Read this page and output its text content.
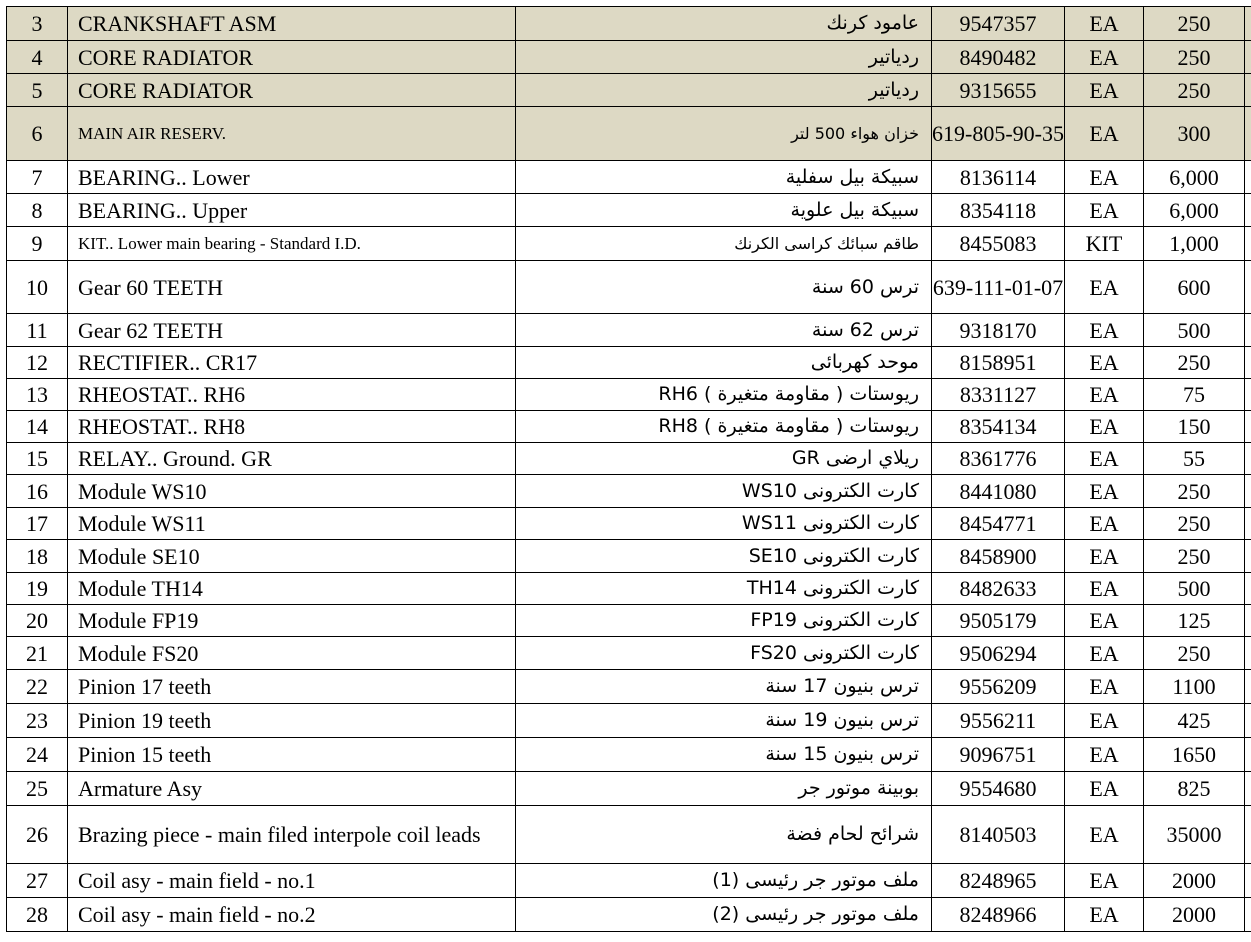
3	CRANKSHAFT ASM	عامود كرنك	9547357	EA	250	
4	CORE RADIATOR	ردياتير	8490482	EA	250	
5	CORE RADIATOR	ردياتير	9315655	EA	250	
6	MAIN AIR RESERV.	خزان هواء 500 لتر	619-805-90-35	EA	300	
7	BEARING.. Lower	سبيكة بيل سفلية	8136114	EA	6,000	
8	BEARING.. Upper	سبيكة بيل علوية	8354118	EA	6,000	
9	KIT.. Lower main bearing - Standard I.D.	طاقم سبائك كراسى الكرنك	8455083	KIT	1,000	
10	Gear 60 TEETH	ترس 60 سنة	639-111-01-07	EA	600	
11	Gear 62 TEETH	ترس 62 سنة	9318170	EA	500	
12	RECTIFIER.. CR17	موحد كهربائى	8158951	EA	250	
13	RHEOSTAT.. RH6	ريوستات ( مقاومة متغيرة ) RH6	8331127	EA	75	
14	RHEOSTAT.. RH8	ريوستات ( مقاومة متغيرة ) RH8	8354134	EA	150	
15	RELAY.. Ground. GR	ريلاي ارضى GR	8361776	EA	55	
16	Module WS10	كارت الكترونى WS10	8441080	EA	250	
17	Module WS11	كارت الكترونى WS11	8454771	EA	250	
18	Module SE10	كارت الكترونى SE10	8458900	EA	250	
19	Module TH14	كارت الكترونى TH14	8482633	EA	500	
20	Module FP19	كارت الكترونى FP19	9505179	EA	125	
21	Module FS20	كارت الكترونى FS20	9506294	EA	250	
22	Pinion 17 teeth	ترس بنيون 17 سنة	9556209	EA	1100	
23	Pinion 19 teeth	ترس بنيون 19 سنة	9556211	EA	425	
24	Pinion 15 teeth	ترس بنيون 15 سنة	9096751	EA	1650	
25	Armature Asy	بوبينة موتور جر	9554680	EA	825	
26	Brazing piece - main filed interpole coil leads	شرائح لحام فضة	8140503	EA	35000	
27	Coil asy - main field - no.1	ملف موتور جر رئيسى (1)	8248965	EA	2000	
28	Coil asy - main field - no.2	ملف موتور جر رئيسى (2)	8248966	EA	2000	
